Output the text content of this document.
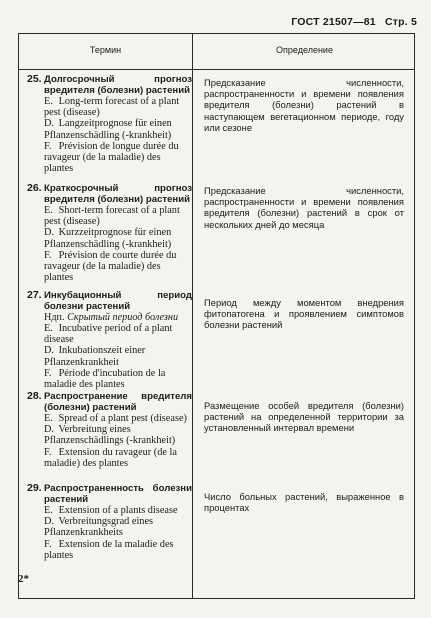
ГОСТ 21507—81 Стр. 5
Термин	Определение
25. Долгосрочный прогноз вредителя (болезни) растений
E. Long-term forecast of a plant pest (disease)
D. Langzeitprognose für einen Pflanzenschädling (-krankheit)
F. Prévision de longue durée du ravageur (de la maladie) des plantes
Предсказание численности, распространенности и времени появления вредителя (болезни) растений в наступающем вегетационном периоде, году или сезоне
26. Краткосрочный прогноз вредителя (болезни) растений
E. Short-term forecast of a plant pest (disease)
D. Kurzzeitprognose für einen Pflanzenschädling (-krankheit)
F. Prévision de courte durée du ravageur (de la maladie) des plantes
Предсказание численности, распространенности и времени появления вредителя (болезни) растений в срок от нескольких дней до месяца
27. Инкубационный период болезни растений
Ндп. Скрытый период болезни
E. Incubative period of a plant disease
D. Inkubationszeit einer Pflanzenkrankheit
F. Période d'incubation de la maladie des plantes
Период между моментом внедрения фитопатогена и проявлением симптомов болезни растений
28. Распространение вредителя (болезни) растений
E. Spread of a plant pest (disease)
D. Verbreitung eines Pflanzenschädlings (-krankheit)
F. Extension du ravageur (de la maladie) des plantes
Размещение особей вредителя (болезни) растений на определенной территории за установленный интервал времени
29. Распространенность болезни растений
E. Extension of a plants disease
D. Verbreitungsgrad eines Pflanzenkrankheits
F. Extension de la maladie des plantes
Число больных растений, выраженное в процентах
2*
